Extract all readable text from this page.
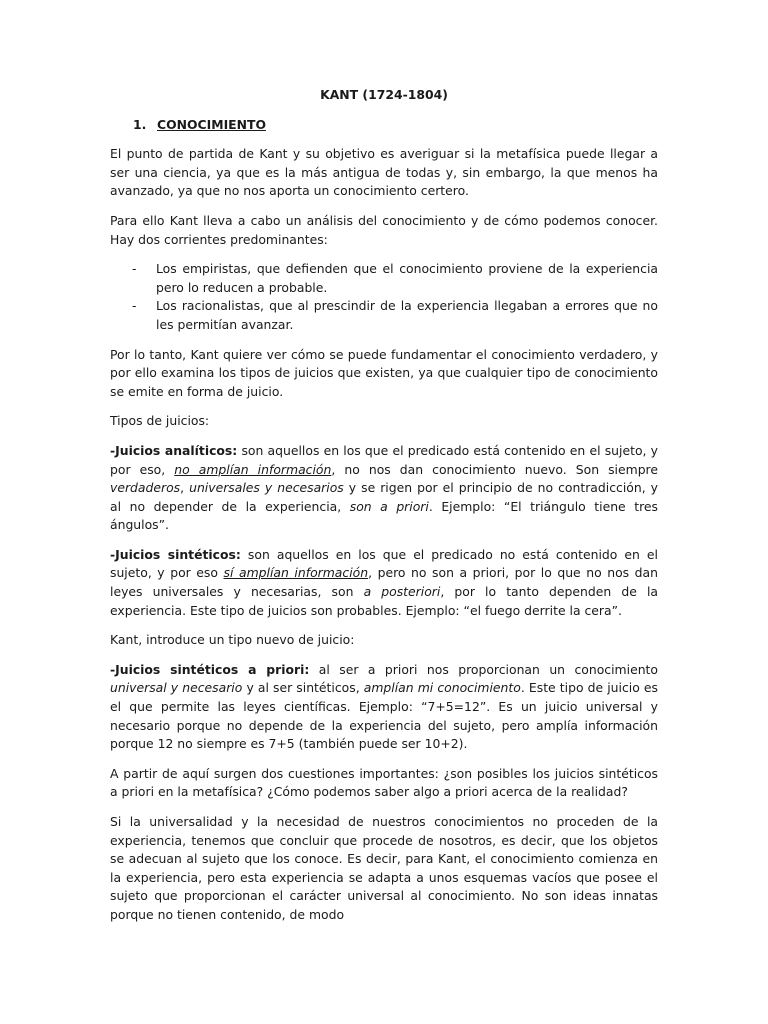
KANT (1724-1804)
1. CONOCIMIENTO

El punto de partida de Kant y su objetivo es averiguar si la metafísica puede llegar a ser una ciencia, ya que es la más antigua de todas y, sin embargo, la que menos ha avanzado, ya que no nos aporta un conocimiento certero.

Para ello Kant lleva a cabo un análisis del conocimiento y de cómo podemos conocer. Hay dos corrientes predominantes:

- Los empiristas, que defienden que el conocimiento proviene de la experiencia pero lo reducen a probable.
- Los racionalistas, que al prescindir de la experiencia llegaban a errores que no les permitían avanzar.

Por lo tanto, Kant quiere ver cómo se puede fundamentar el conocimiento verdadero, y por ello examina los tipos de juicios que existen, ya que cualquier tipo de conocimiento se emite en forma de juicio.

Tipos de juicios:

-Juicios analíticos: son aquellos en los que el predicado está contenido en el sujeto, y por eso, no amplían información, no nos dan conocimiento nuevo. Son siempre verdaderos, universales y necesarios y se rigen por el principio de no contradicción, y al no depender de la experiencia, son a priori. Ejemplo: “El triángulo tiene tres ángulos”.

-Juicios sintéticos: son aquellos en los que el predicado no está contenido en el sujeto, y por eso sí amplían información, pero no son a priori, por lo que no nos dan leyes universales y necesarias, son a posteriori, por lo tanto dependen de la experiencia. Este tipo de juicios son probables. Ejemplo: “el fuego derrite la cera”.

Kant, introduce un tipo nuevo de juicio:

-Juicios sintéticos a priori: al ser a priori nos proporcionan un conocimiento universal y necesario y al ser sintéticos, amplían mi conocimiento. Este tipo de juicio es el que permite las leyes científicas. Ejemplo: “7+5=12”. Es un juicio universal y necesario porque no depende de la experiencia del sujeto, pero amplía información porque 12 no siempre es 7+5 (también puede ser 10+2).

A partir de aquí surgen dos cuestiones importantes: ¿son posibles los juicios sintéticos a priori en la metafísica? ¿Cómo podemos saber algo a priori acerca de la realidad?

Si la universalidad y la necesidad de nuestros conocimientos no proceden de la experiencia, tenemos que concluir que procede de nosotros, es decir, que los objetos se adecuan al sujeto que los conoce. Es decir, para Kant, el conocimiento comienza en la experiencia, pero esta experiencia se adapta a unos esquemas vacíos que posee el sujeto que proporcionan el carácter universal al conocimiento. No son ideas innatas porque no tienen contenido, de modo
